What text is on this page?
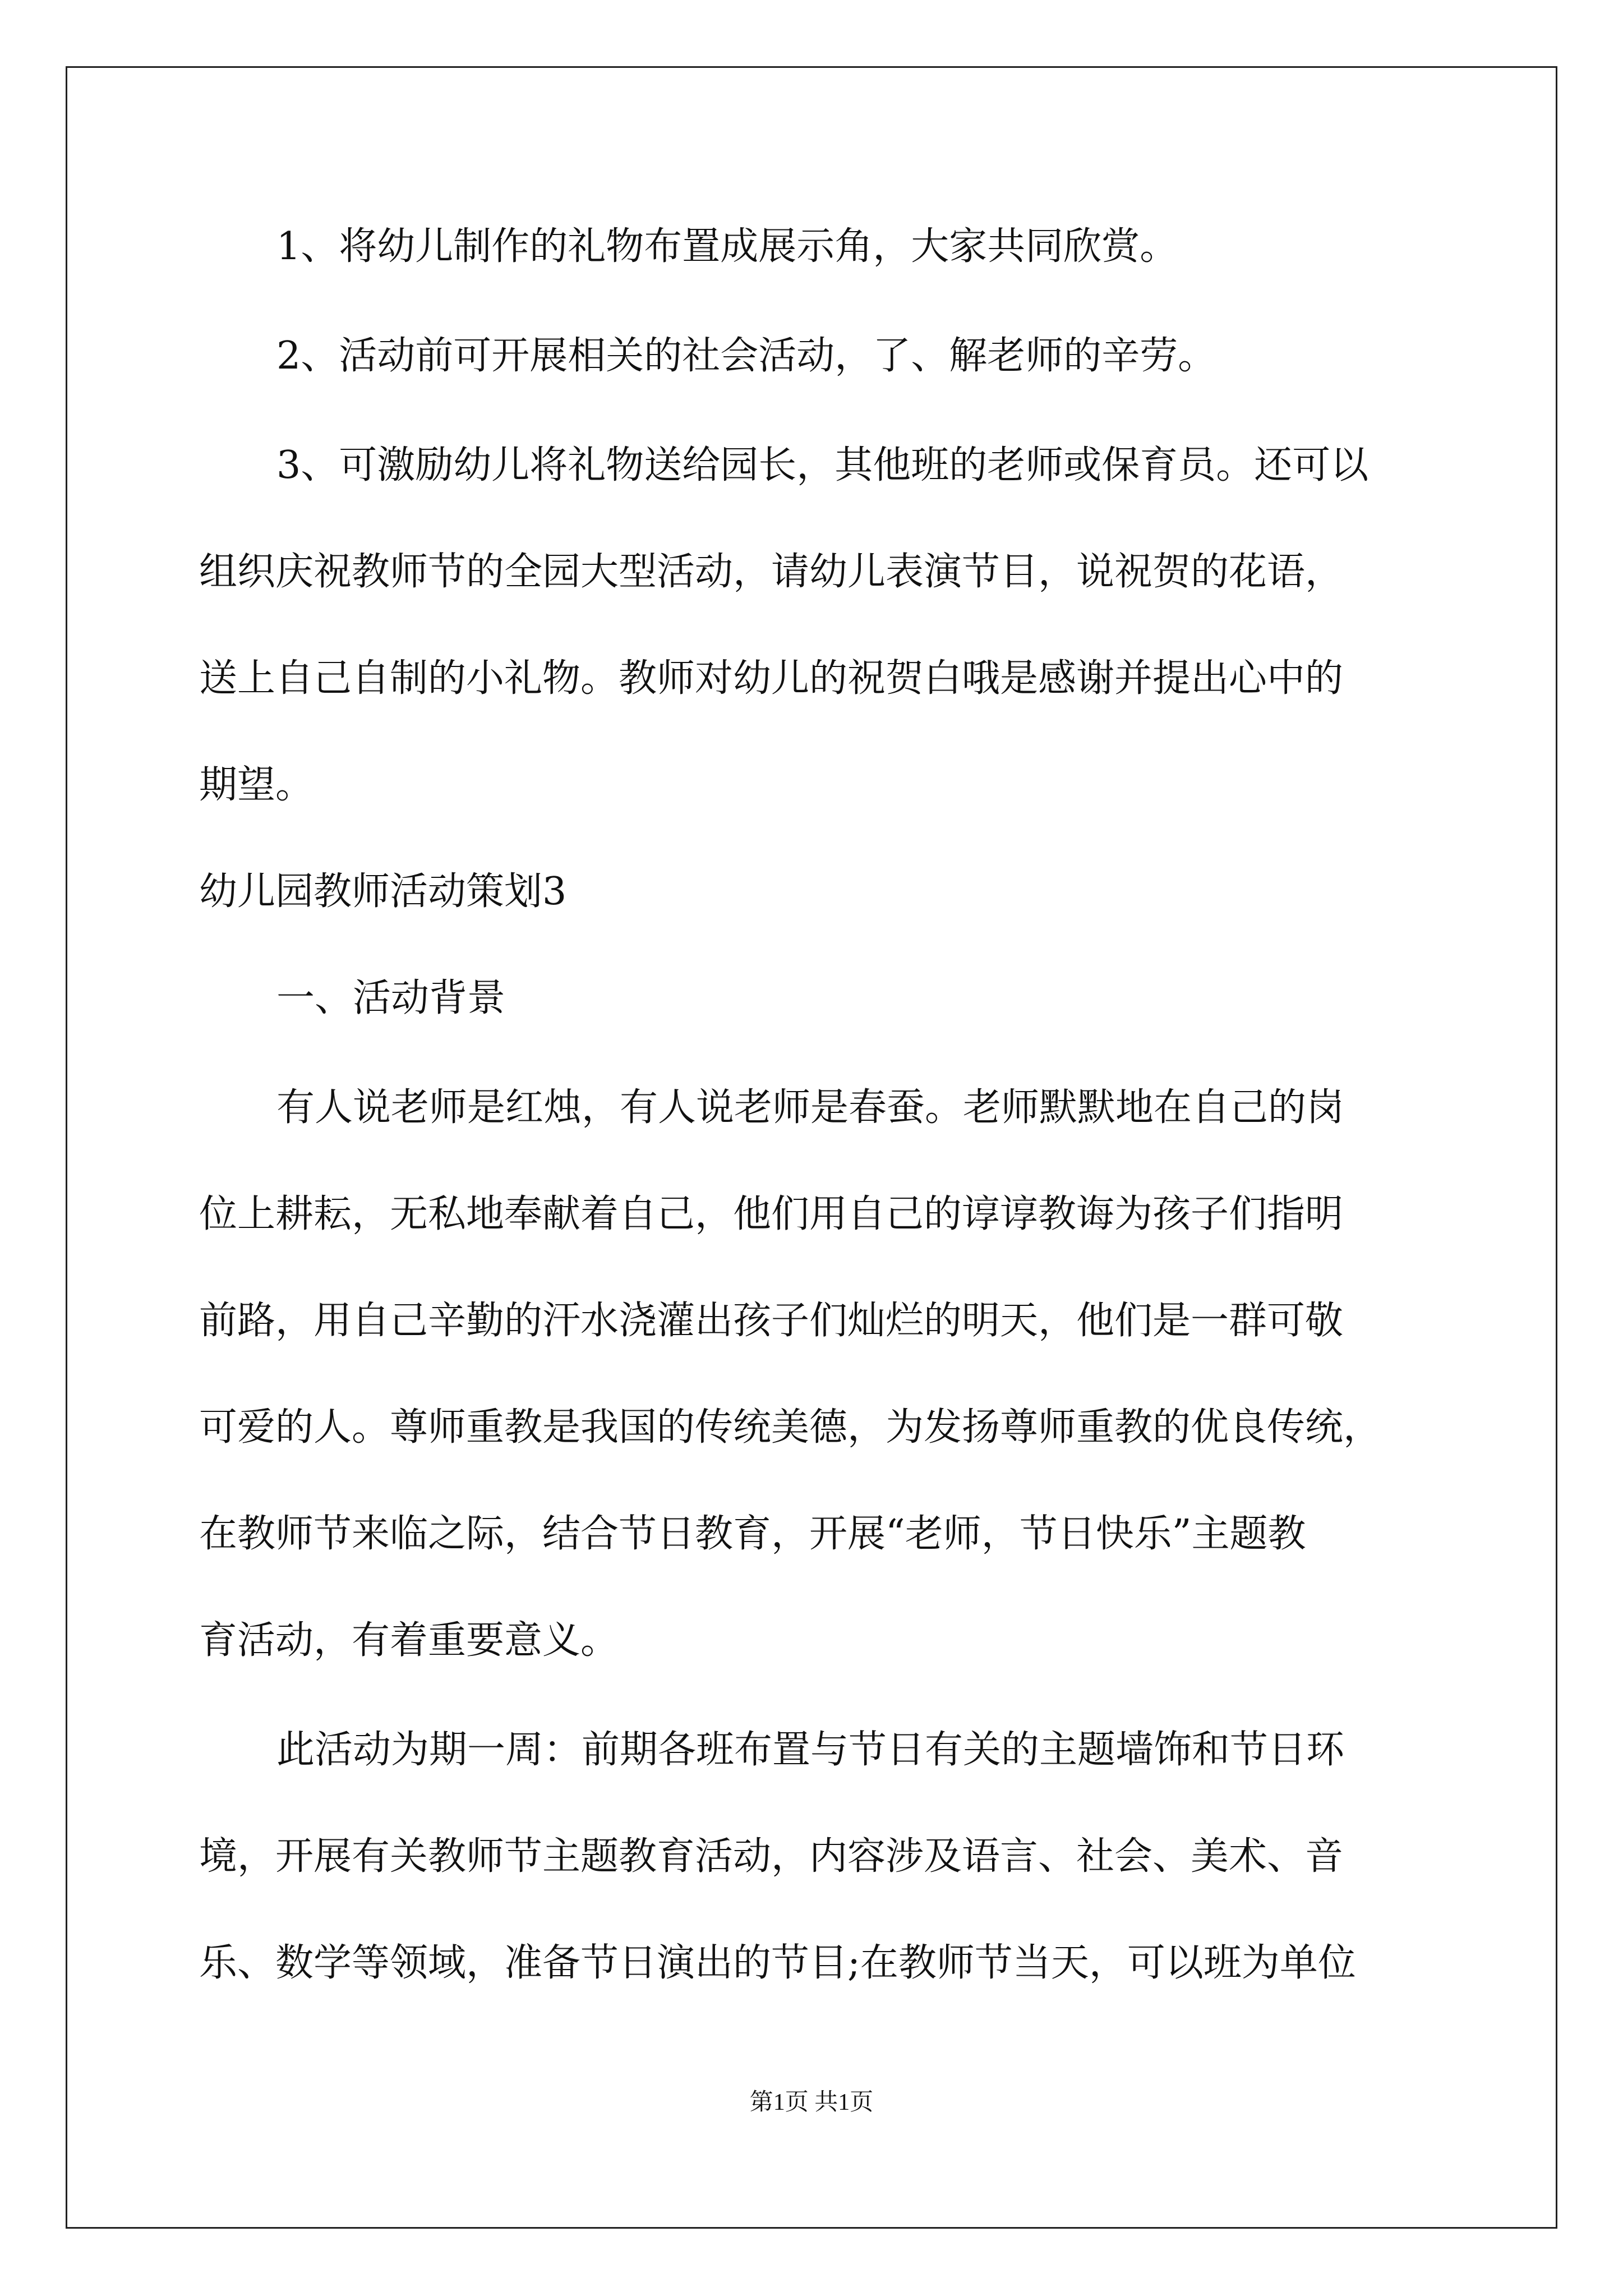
1、将幼儿制作的礼物布置成展示角，大家共同欣赏。
2、活动前可开展相关的社会活动，了、解老师的辛劳。
3、可激励幼儿将礼物送给园长，其他班的老师或保育员。还可以
组织庆祝教师节的全园大型活动，请幼儿表演节目，说祝贺的花语，
送上自己自制的小礼物。教师对幼儿的祝贺白哦是感谢并提出心中的
期望。
幼儿园教师活动策划3
一、活动背景
有人说老师是红烛，有人说老师是春蚕。老师默默地在自己的岗
位上耕耘，无私地奉献着自己，他们用自己的谆谆教诲为孩子们指明
前路，用自己辛勤的汗水浇灌出孩子们灿烂的明天，他们是一群可敬
可爱的人。尊师重教是我国的传统美德，为发扬尊师重教的优良传统，
在教师节来临之际，结合节日教育，开展“老师，节日快乐”主题教
育活动，有着重要意义。
此活动为期一周：前期各班布置与节日有关的主题墙饰和节日环
境，开展有关教师节主题教育活动，内容涉及语言、社会、美术、音
乐、数学等领域，准备节日演出的节目;在教师节当天，可以班为单位
第1页 共1页
